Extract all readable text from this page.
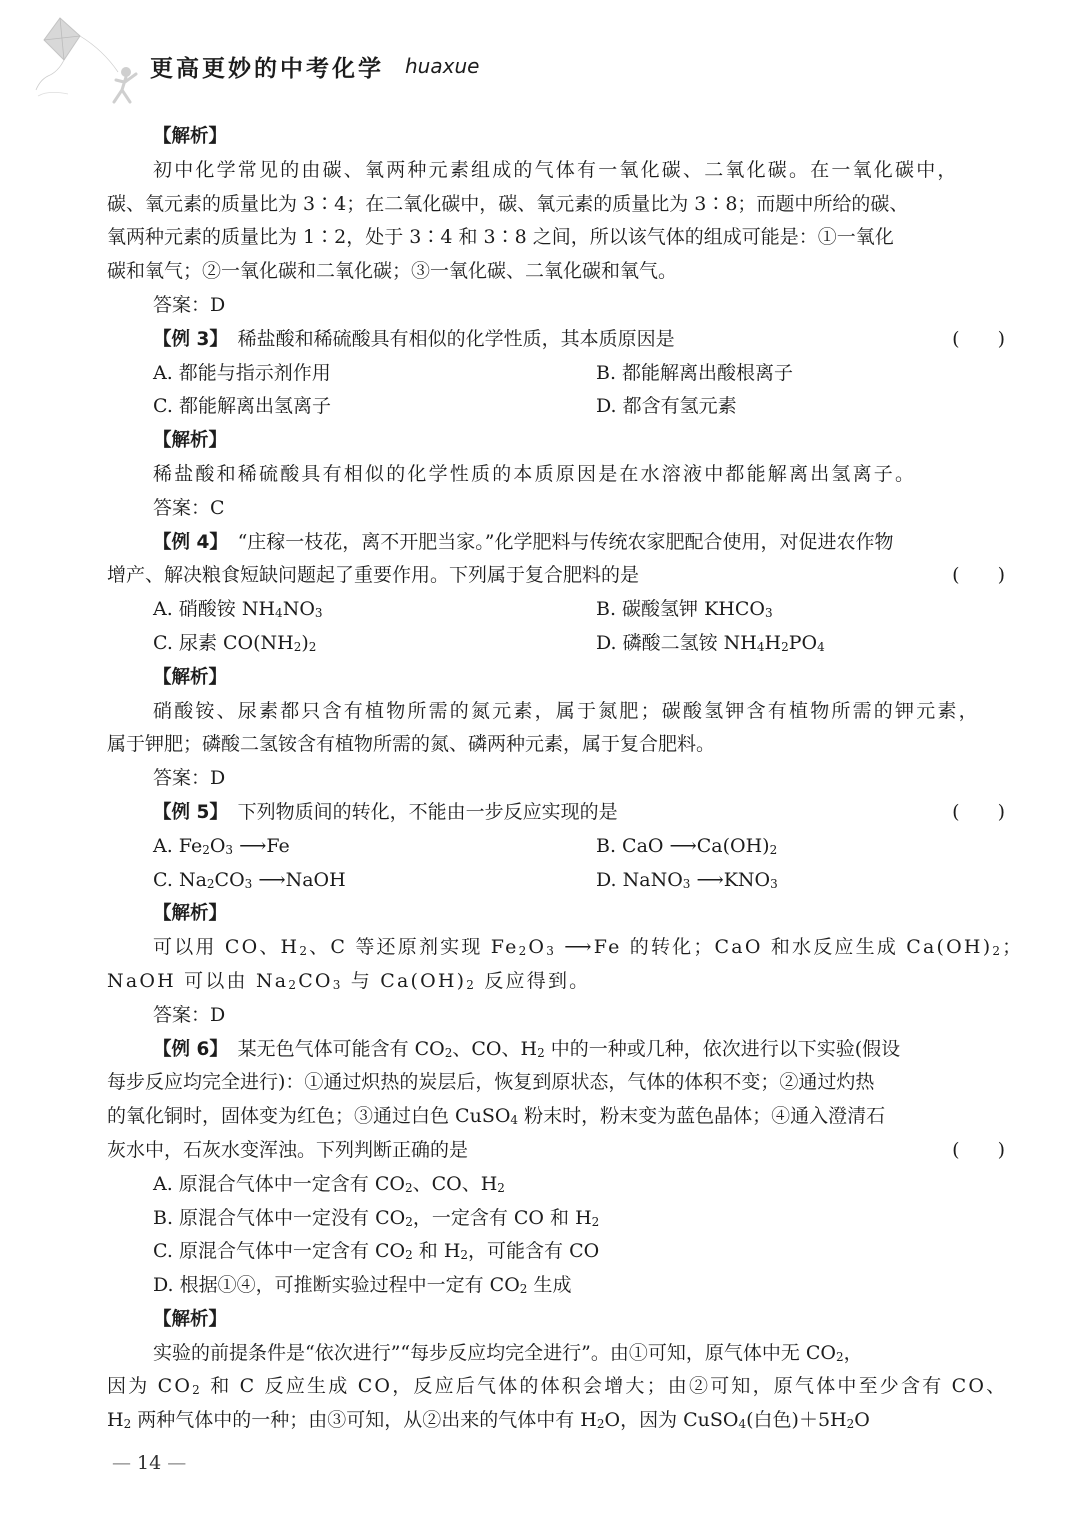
更高更妙的中考化学 huaxue
【解析】
初中化学常见的由碳、氧两种元素组成的气体有一氧化碳、二氧化碳。在一氧化碳中，
碳、氧元素的质量比为 3∶4；在二氧化碳中，碳、氧元素的质量比为 3∶8；而题中所给的碳、
氧两种元素的质量比为 1∶2，处于 3∶4 和 3∶8 之间，所以该气体的组成可能是：①一氧化
碳和氧气；②一氧化碳和二氧化碳；③一氧化碳、二氧化碳和氧气。
答案：D
【例 3】　 稀盐酸和稀硫酸具有相似的化学性质，其本质原因是	(　　)
A. 都能与指示剂作用	B. 都能解离出酸根离子
C. 都能解离出氢离子	D. 都含有氢元素
【解析】
稀盐酸和稀硫酸具有相似的化学性质的本质原因是在水溶液中都能解离出氢离子。
答案：C
【例 4】　 “庄稼一枝花，离不开肥当家。”化学肥料与传统农家肥配合使用，对促进农作物
增产、解决粮食短缺问题起了重要作用。下列属于复合肥料的是	(　　)
A. 硝酸铵 $NH_4NO_3$	B. 碳酸氢钾 $KHCO_3$
C. 尿素 $CO(NH_2)_2$	D. 磷酸二氢铵 $NH_4H_2PO_4$
【解析】
硝酸铵、尿素都只含有植物所需的氮元素，属于氮肥；碳酸氢钾含有植物所需的钾元素，
属于钾肥；磷酸二氢铵含有植物所需的氮、磷两种元素，属于复合肥料。
答案：D
【例 5】　 下列物质间的转化，不能由一步反应实现的是	(　　)
A. $Fe_2O_3$ ⟶Fe	B. CaO $⟶Ca(OH)_2$
C. $Na_2CO_3$ ⟶NaOH	D. NaNO$_3$ $⟶KNO_3$
【解析】
可以用 CO、$H_2$、C 等还原剂实现 $Fe_2O_3$ ⟶Fe 的转化；CaO 和水反应生成 $Ca(OH)_2$；
NaOH 可以由 $Na_2CO_3$ 与 $Ca(OH)_2$ 反应得到。
答案：D
【例 6】　 某无色气体可能含有 $CO_2$、CO、$H_2$ 中的一种或几种，依次进行以下实验(假设
每步反应均完全进行)：①通过炽热的炭层后，恢复到原状态，气体的体积不变；②通过灼热
的氧化铜时，固体变为红色；③通过白色 CuSO$_4$ 粉末时，粉末变为蓝色晶体；④通入澄清石
灰水中，石灰水变浑浊。下列判断正确的是	(　　)
A. 原混合气体中一定含有 $CO_2$、CO、$H_2$
B. 原混合气体中一定没有 $CO_2$，一定含有 CO 和 $H_2$
C. 原混合气体中一定含有 $CO_2$ 和 $H_2$，可能含有 CO
D. 根据①④，可推断实验过程中一定有 $CO_2$ 生成
【解析】
实验的前提条件是“依次进行”“每步反应均完全进行”。由①可知，原气体中无 $CO_2$，
因为 $CO_2$ 和 C 反应生成 CO，反应后气体的体积会增大；由②可知，原气体中至少含有 CO、
$H_2$ 两种气体中的一种；由③可知，从②出来的气体中有 $H_2O$，因为 CuSO$_4$(白色)$+5H_2O$
— 14 —
